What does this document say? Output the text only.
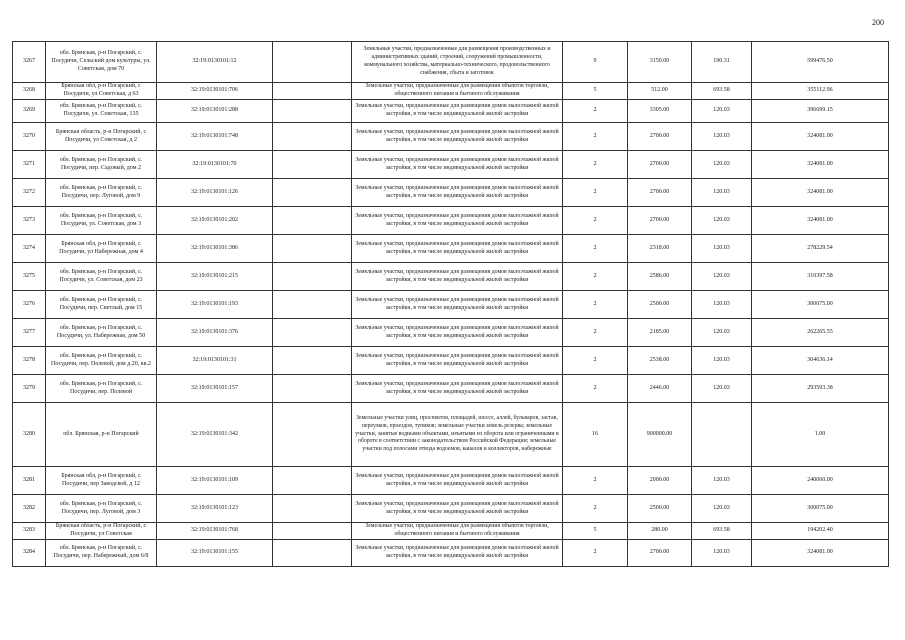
200
3267	обл. Брянская, р-н Погарский, с. Посудичи, Сельский дом культуры, ул. Советская, дом 70	32:19:0130101:12		Земельные участки, предназначенные для размещения производственных и административных зданий, строений, сооружений промышленности, коммунального хозяйства, материально-технического, продовольственного снабжения, сбыта и заготовок	9	3150.00	190.31	599476.50
3268	Брянская обл, р-н Погарский, с Посудичи, ул Советская, д 63	32:19:0130101:706		Земельные участки, предназначенные для размещения объектов торговли, общественного питания и бытового обслуживания	5	512.00	693.58	355112.96
3269	обл. Брянская, р-н Погарский, с. Посудичи, ул. Советская, 135	32:19:0130101:288		Земельные участки, предназначенные для размещения домов малоэтажной жилой застройки, в том числе индивидуальной жилой застройки	2	3305.00	120.03	396699.15
3270	Брянская область, р-н Погарский, с Посудичи, ул Советская, д 2	32:19:0130101:748		Земельные участки, предназначенные для размещения домов малоэтажной жилой застройки, в том числе индивидуальной жилой застройки	2	2700.00	120.03	324081.00
3271	обл. Брянская, р-н Погарский, с. Посудичи, пер. Садовый, дом 2	32:19:0130101:70		Земельные участки, предназначенные для размещения домов малоэтажной жилой застройки, в том числе индивидуальной жилой застройки	2	2700.00	120.03	324081.00
3272	обл. Брянская, р-н Погарский, с. Посудичи, пер. Луговой, дом 9	32:19:0130101:126		Земельные участки, предназначенные для размещения домов малоэтажной жилой застройки, в том числе индивидуальной жилой застройки	2	2700.00	120.03	324081.00
3273	обл. Брянская, р-н Погарский, с. Посудичи, ул. Советская, дом 3	32:19:0130101:202		Земельные участки, предназначенные для размещения домов малоэтажной жилой застройки, в том числе индивидуальной жилой застройки	2	2700.00	120.03	324081.00
3274	Брянская обл, р-н Погарский, с Посудичи, ул Набережная, дом 4	32:19:0130101:386		Земельные участки, предназначенные для размещения домов малоэтажной жилой застройки, в том числе индивидуальной жилой застройки	2	2318.00	120.03	278229.54
3275	обл. Брянская, р-н Погарский, с. Посудичи, ул. Советская, дом 23	32:19:0130101:215		Земельные участки, предназначенные для размещения домов малоэтажной жилой застройки, в том числе индивидуальной жилой застройки	2	2586.00	120.03	310397.58
3276	обл. Брянская, р-н Погарский, с. Посудичи, пер. Светлый, дом 15	32:19:0130101:193		Земельные участки, предназначенные для размещения домов малоэтажной жилой застройки, в том числе индивидуальной жилой застройки	2	2500.00	120.03	300075.00
3277	обл. Брянская, р-н Погарский, с. Посудичи, ул. Набережная, дом 50	32:19:0130101:376		Земельные участки, предназначенные для размещения домов малоэтажной жилой застройки, в том числе индивидуальной жилой застройки	2	2185.00	120.03	262265.55
3278	обл. Брянская, р-н Погарский, с. Посудичи, пер. Полевой, дом д.20, кв.2	32:19:0130101:31		Земельные участки, предназначенные для размещения домов малоэтажной жилой застройки, в том числе индивидуальной жилой застройки	2	2538.00	120.03	304636.14
3279	обл. Брянская, р-н Погарский, с. Посудичи, пер. Полевой	32:19:0130101:157		Земельные участки, предназначенные для размещения домов малоэтажной жилой застройки, в том числе индивидуальной жилой застройки	2	2446.00	120.03	293593.38
3280	обл. Брянская, р-н Погарский	32:19:0130101:342		Земельные участки улиц, проспектов, площадей, шоссе, аллей, бульваров, застав, переулков, проездов, тупиков; земельные участки земель резерва; земельные участки, занятые водными объектами, изъятыми из оборота или ограниченными в обороте в соответствии с законодательством Российской Федерации; земельные участки под полосами отвода водоемов, каналов и коллекторов, набережные	16	900000.00		1.00
3281	Брянская обл, р-н Погарский, с Посудичи, пер Заводской, д 12	32:19:0130101:109		Земельные участки, предназначенные для размещения домов малоэтажной жилой застройки, в том числе индивидуальной жилой застройки	2	2000.00	120.03	240060.00
3282	обл. Брянская, р-н Погарский, с. Посудичи, пер. Луговой, дом 3	32:19:0130101:123		Земельные участки, предназначенные для размещения домов малоэтажной жилой застройки, в том числе индивидуальной жилой застройки	2	2500.00	120.03	300075.00
3283	Брянская область, р-н Погарский, с Посудичи, ул Советская	32:19:0130101:768		Земельные участки, предназначенные для размещения объектов торговли, общественного питания и бытового обслуживания	5	280.00	693.58	194202.40
3284	обл. Брянская, р-н Погарский, с. Посудичи, пер. Набережный, дом 6/8	32:19:0130101:155		Земельные участки, предназначенные для размещения домов малоэтажной жилой застройки, в том числе индивидуальной жилой застройки	2	2700.00	120.03	324081.00
